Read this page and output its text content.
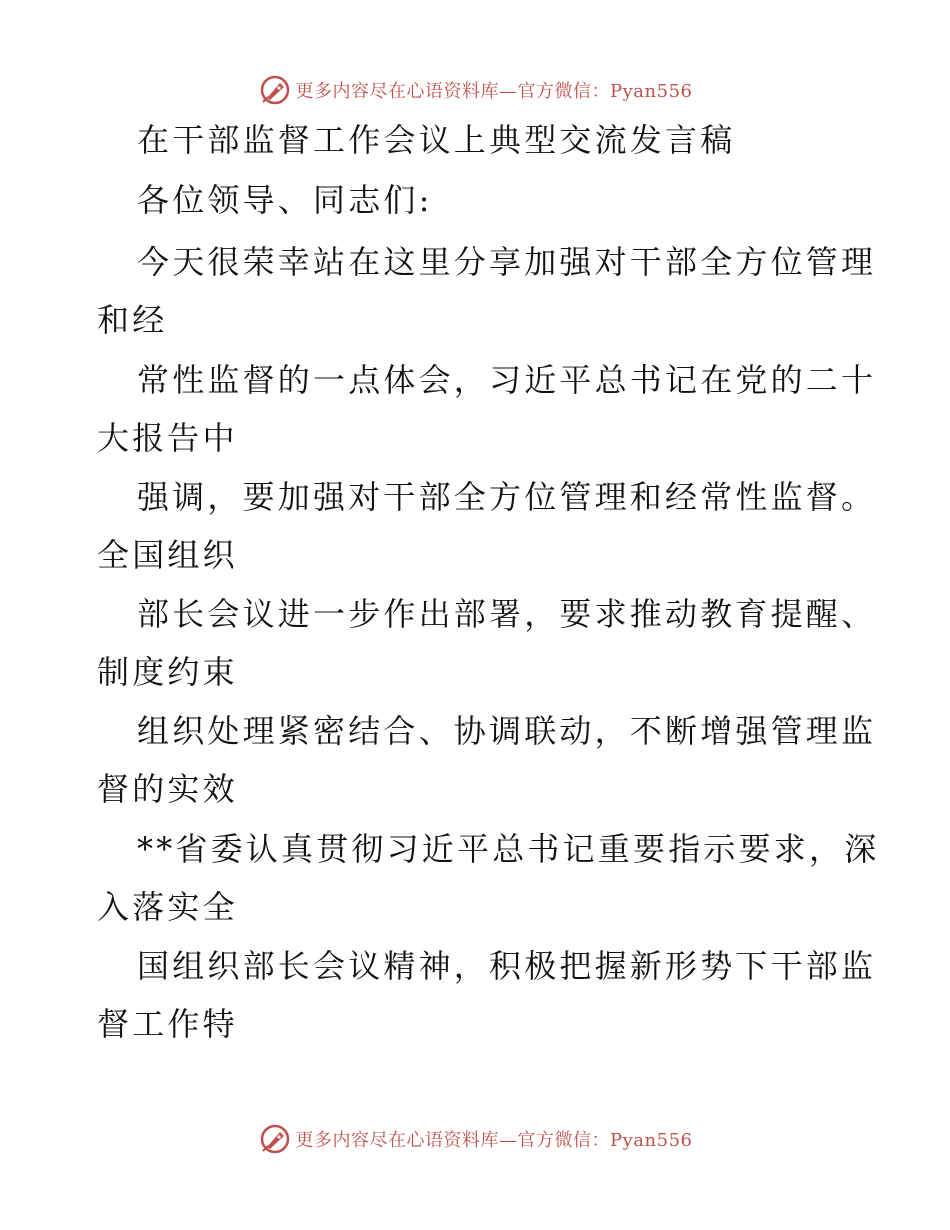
更多内容尽在心语资料库—官方微信：Pyan556
在干部监督工作会议上典型交流发言稿
各位领导、同志们:
今天很荣幸站在这里分享加强对干部全方位管理
和经
常性监督的一点体会，习近平总书记在党的二十
大报告中
强调，要加强对干部全方位管理和经常性监督。
全国组织
部长会议进一步作出部署，要求推动教育提醒、
制度约束
组织处理紧密结合、协调联动，不断增强管理监
督的实效
**省委认真贯彻习近平总书记重要指示要求，深
入落实全
国组织部长会议精神，积极把握新形势下干部监
督工作特
更多内容尽在心语资料库—官方微信：Pyan556
